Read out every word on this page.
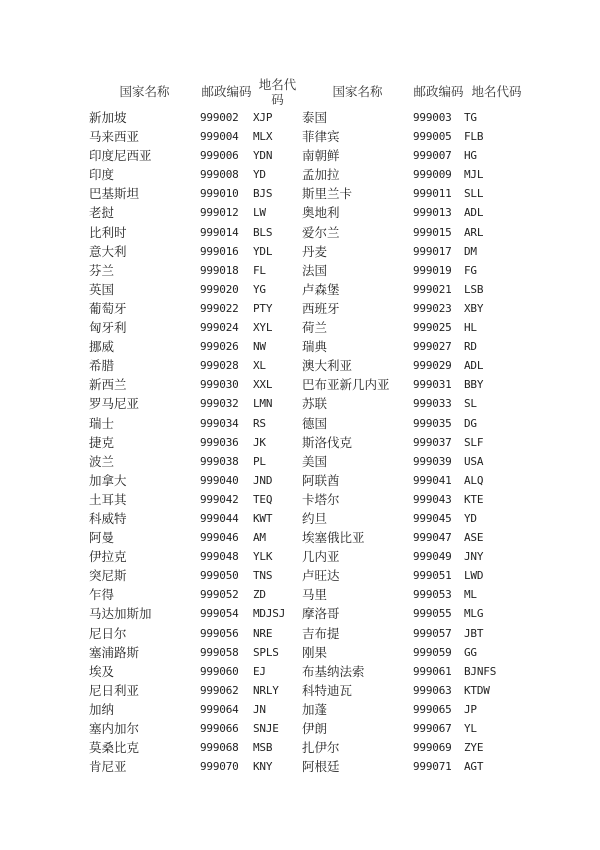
国家名称	邮政编码	地名代码	国家名称	邮政编码	地名代码
新加坡	999002	XJP	泰国	999003	TG
马来西亚	999004	MLX	菲律宾	999005	FLB
印度尼西亚	999006	YDN	南朝鲜	999007	HG
印度	999008	YD	孟加拉	999009	MJL
巴基斯坦	999010	BJS	斯里兰卡	999011	SLL
老挝	999012	LW	奥地利	999013	ADL
比利时	999014	BLS	爱尔兰	999015	ARL
意大利	999016	YDL	丹麦	999017	DM
芬兰	999018	FL	法国	999019	FG
英国	999020	YG	卢森堡	999021	LSB
葡萄牙	999022	PTY	西班牙	999023	XBY
匈牙利	999024	XYL	荷兰	999025	HL
挪威	999026	NW	瑞典	999027	RD
希腊	999028	XL	澳大利亚	999029	ADL
新西兰	999030	XXL	巴布亚新几内亚	999031	BBY
罗马尼亚	999032	LMN	苏联	999033	SL
瑞士	999034	RS	德国	999035	DG
捷克	999036	JK	斯洛伐克	999037	SLF
波兰	999038	PL	美国	999039	USA
加拿大	999040	JND	阿联酋	999041	ALQ
土耳其	999042	TEQ	卡塔尔	999043	KTE
科威特	999044	KWT	约旦	999045	YD
阿曼	999046	AM	埃塞俄比亚	999047	ASE
伊拉克	999048	YLK	几内亚	999049	JNY
突尼斯	999050	TNS	卢旺达	999051	LWD
乍得	999052	ZD	马里	999053	ML
马达加斯加	999054	MDJSJ	摩洛哥	999055	MLG
尼日尔	999056	NRE	吉布提	999057	JBT
塞浦路斯	999058	SPLS	刚果	999059	GG
埃及	999060	EJ	布基纳法索	999061	BJNFS
尼日利亚	999062	NRLY	科特迪瓦	999063	KTDW
加纳	999064	JN	加蓬	999065	JP
塞内加尔	999066	SNJE	伊朗	999067	YL
莫桑比克	999068	MSB	扎伊尔	999069	ZYE
肯尼亚	999070	KNY	阿根廷	999071	AGT
